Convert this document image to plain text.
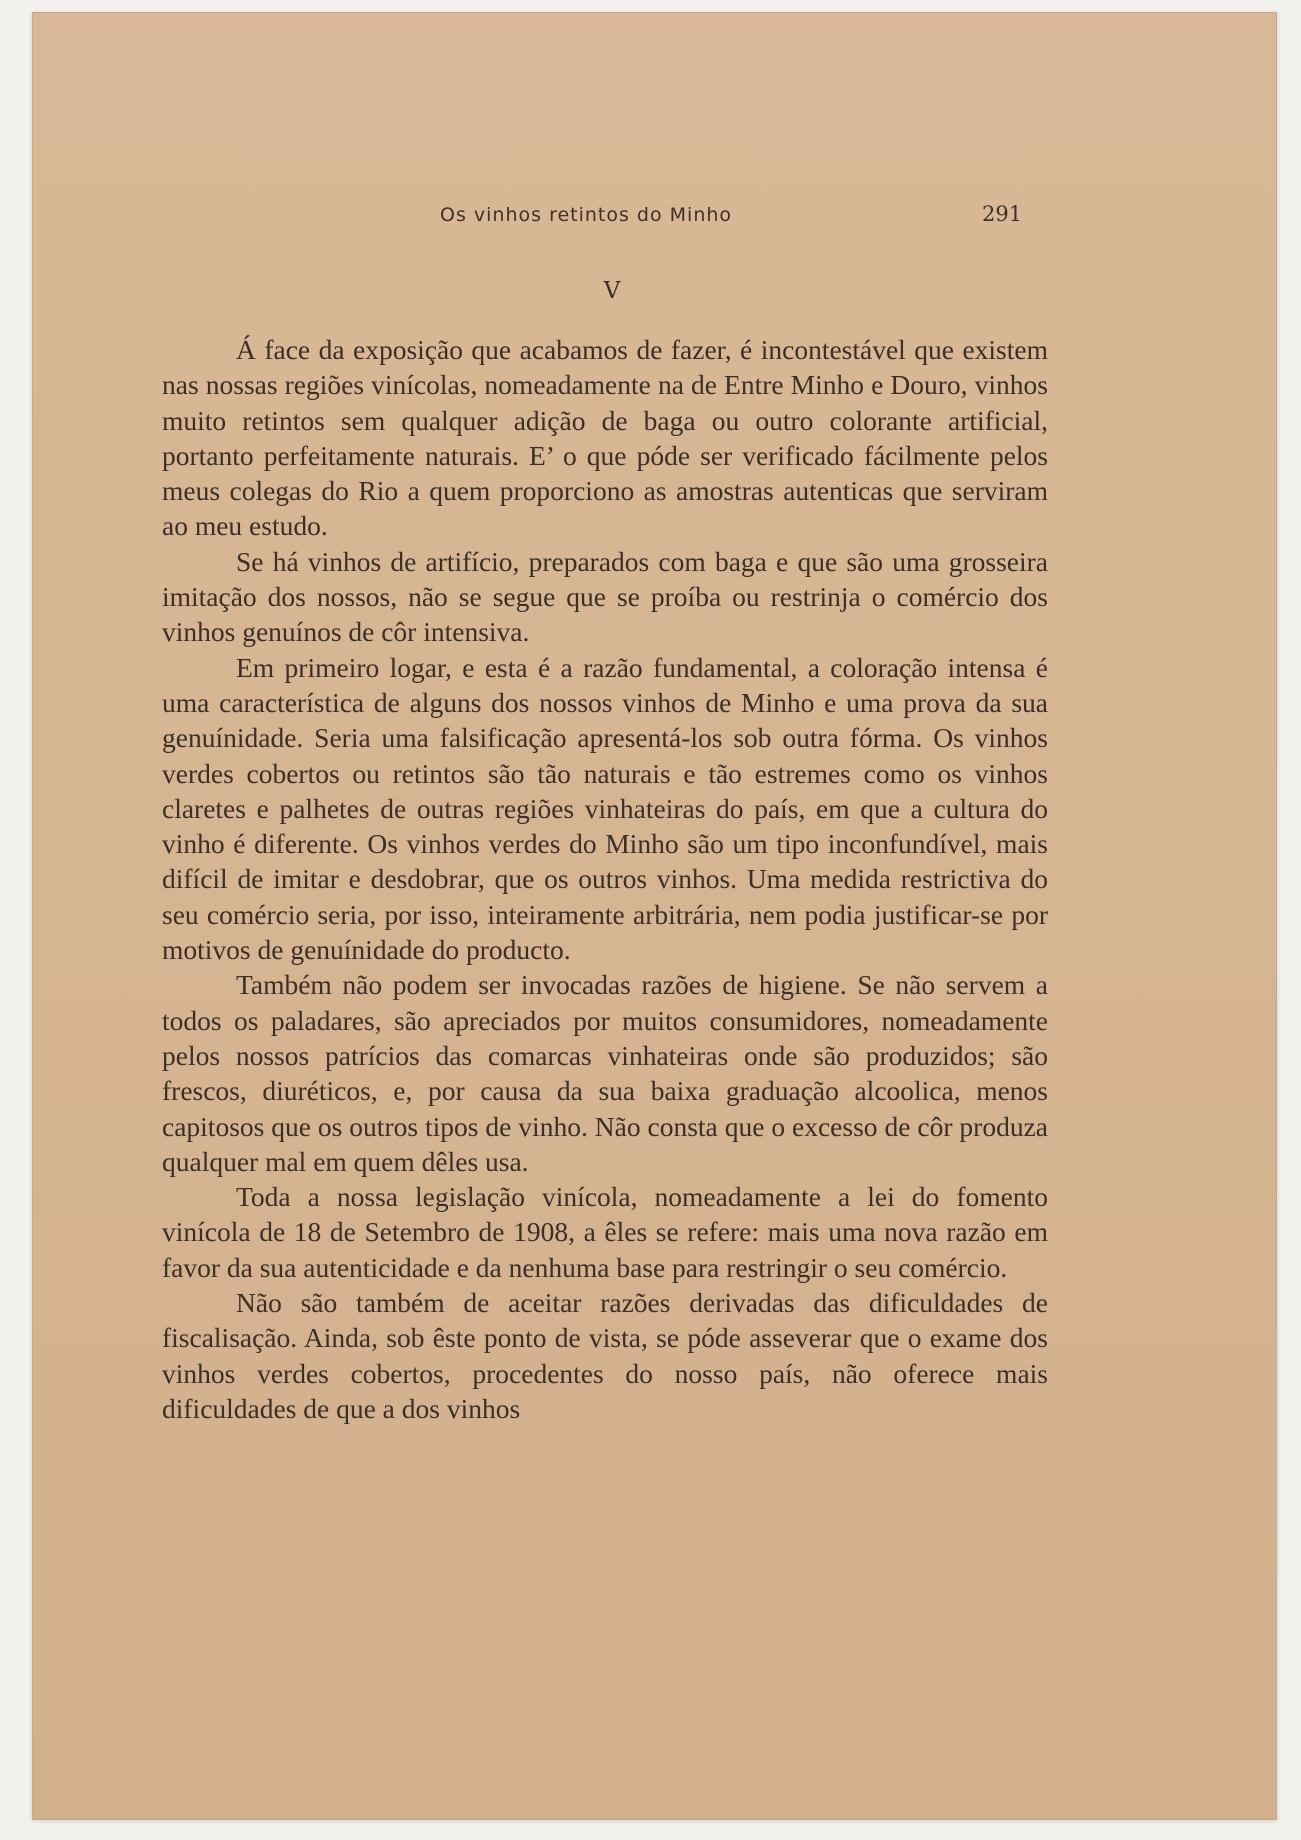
Os vinhos retintos do Minho	291
V

Á face da exposição que acabamos de fazer, é incontestável que existem nas nossas regiões vinícolas, nomeadamente na de Entre Minho e Douro, vinhos muito retintos sem qualquer adição de baga ou outro colorante artificial, portanto perfeitamente naturais. E’ o que póde ser verificado fácilmente pelos meus colegas do Rio a quem proporciono as amostras autenticas que serviram ao meu estudo.

Se há vinhos de artifício, preparados com baga e que são uma grosseira imitação dos nossos, não se segue que se proíba ou restrinja o comércio dos vinhos genuínos de côr intensiva.

Em primeiro logar, e esta é a razão fundamental, a coloração intensa é uma característica de alguns dos nossos vinhos de Minho e uma prova da sua genuínidade. Seria uma falsificação apresentá-los sob outra fórma. Os vinhos verdes cobertos ou retintos são tão naturais e tão estremes como os vinhos claretes e palhetes de outras regiões vinhateiras do país, em que a cultura do vinho é diferente. Os vinhos verdes do Minho são um tipo inconfundível, mais difícil de imitar e desdobrar, que os outros vinhos. Uma medida restrictiva do seu comércio seria, por isso, inteiramente arbitrária, nem podia justificar-se por motivos de genuínidade do producto.

Também não podem ser invocadas razões de higiene. Se não servem a todos os paladares, são apreciados por muitos consumidores, nomeadamente pelos nossos patrícios das comarcas vinhateiras onde são produzidos; são frescos, diuréticos, e, por causa da sua baixa graduação alcoolica, menos capitosos que os outros tipos de vinho. Não consta que o excesso de côr produza qualquer mal em quem dêles usa.

Toda a nossa legislação vinícola, nomeadamente a lei do fomento vinícola de 18 de Setembro de 1908, a êles se refere: mais uma nova razão em favor da sua autenticidade e da nenhuma base para restringir o seu comércio.

Não são também de aceitar razões derivadas das dificuldades de fiscalisação. Ainda, sob êste ponto de vista, se póde asseverar que o exame dos vinhos verdes cobertos, procedentes do nosso país, não oferece mais dificuldades de que a dos vinhos
